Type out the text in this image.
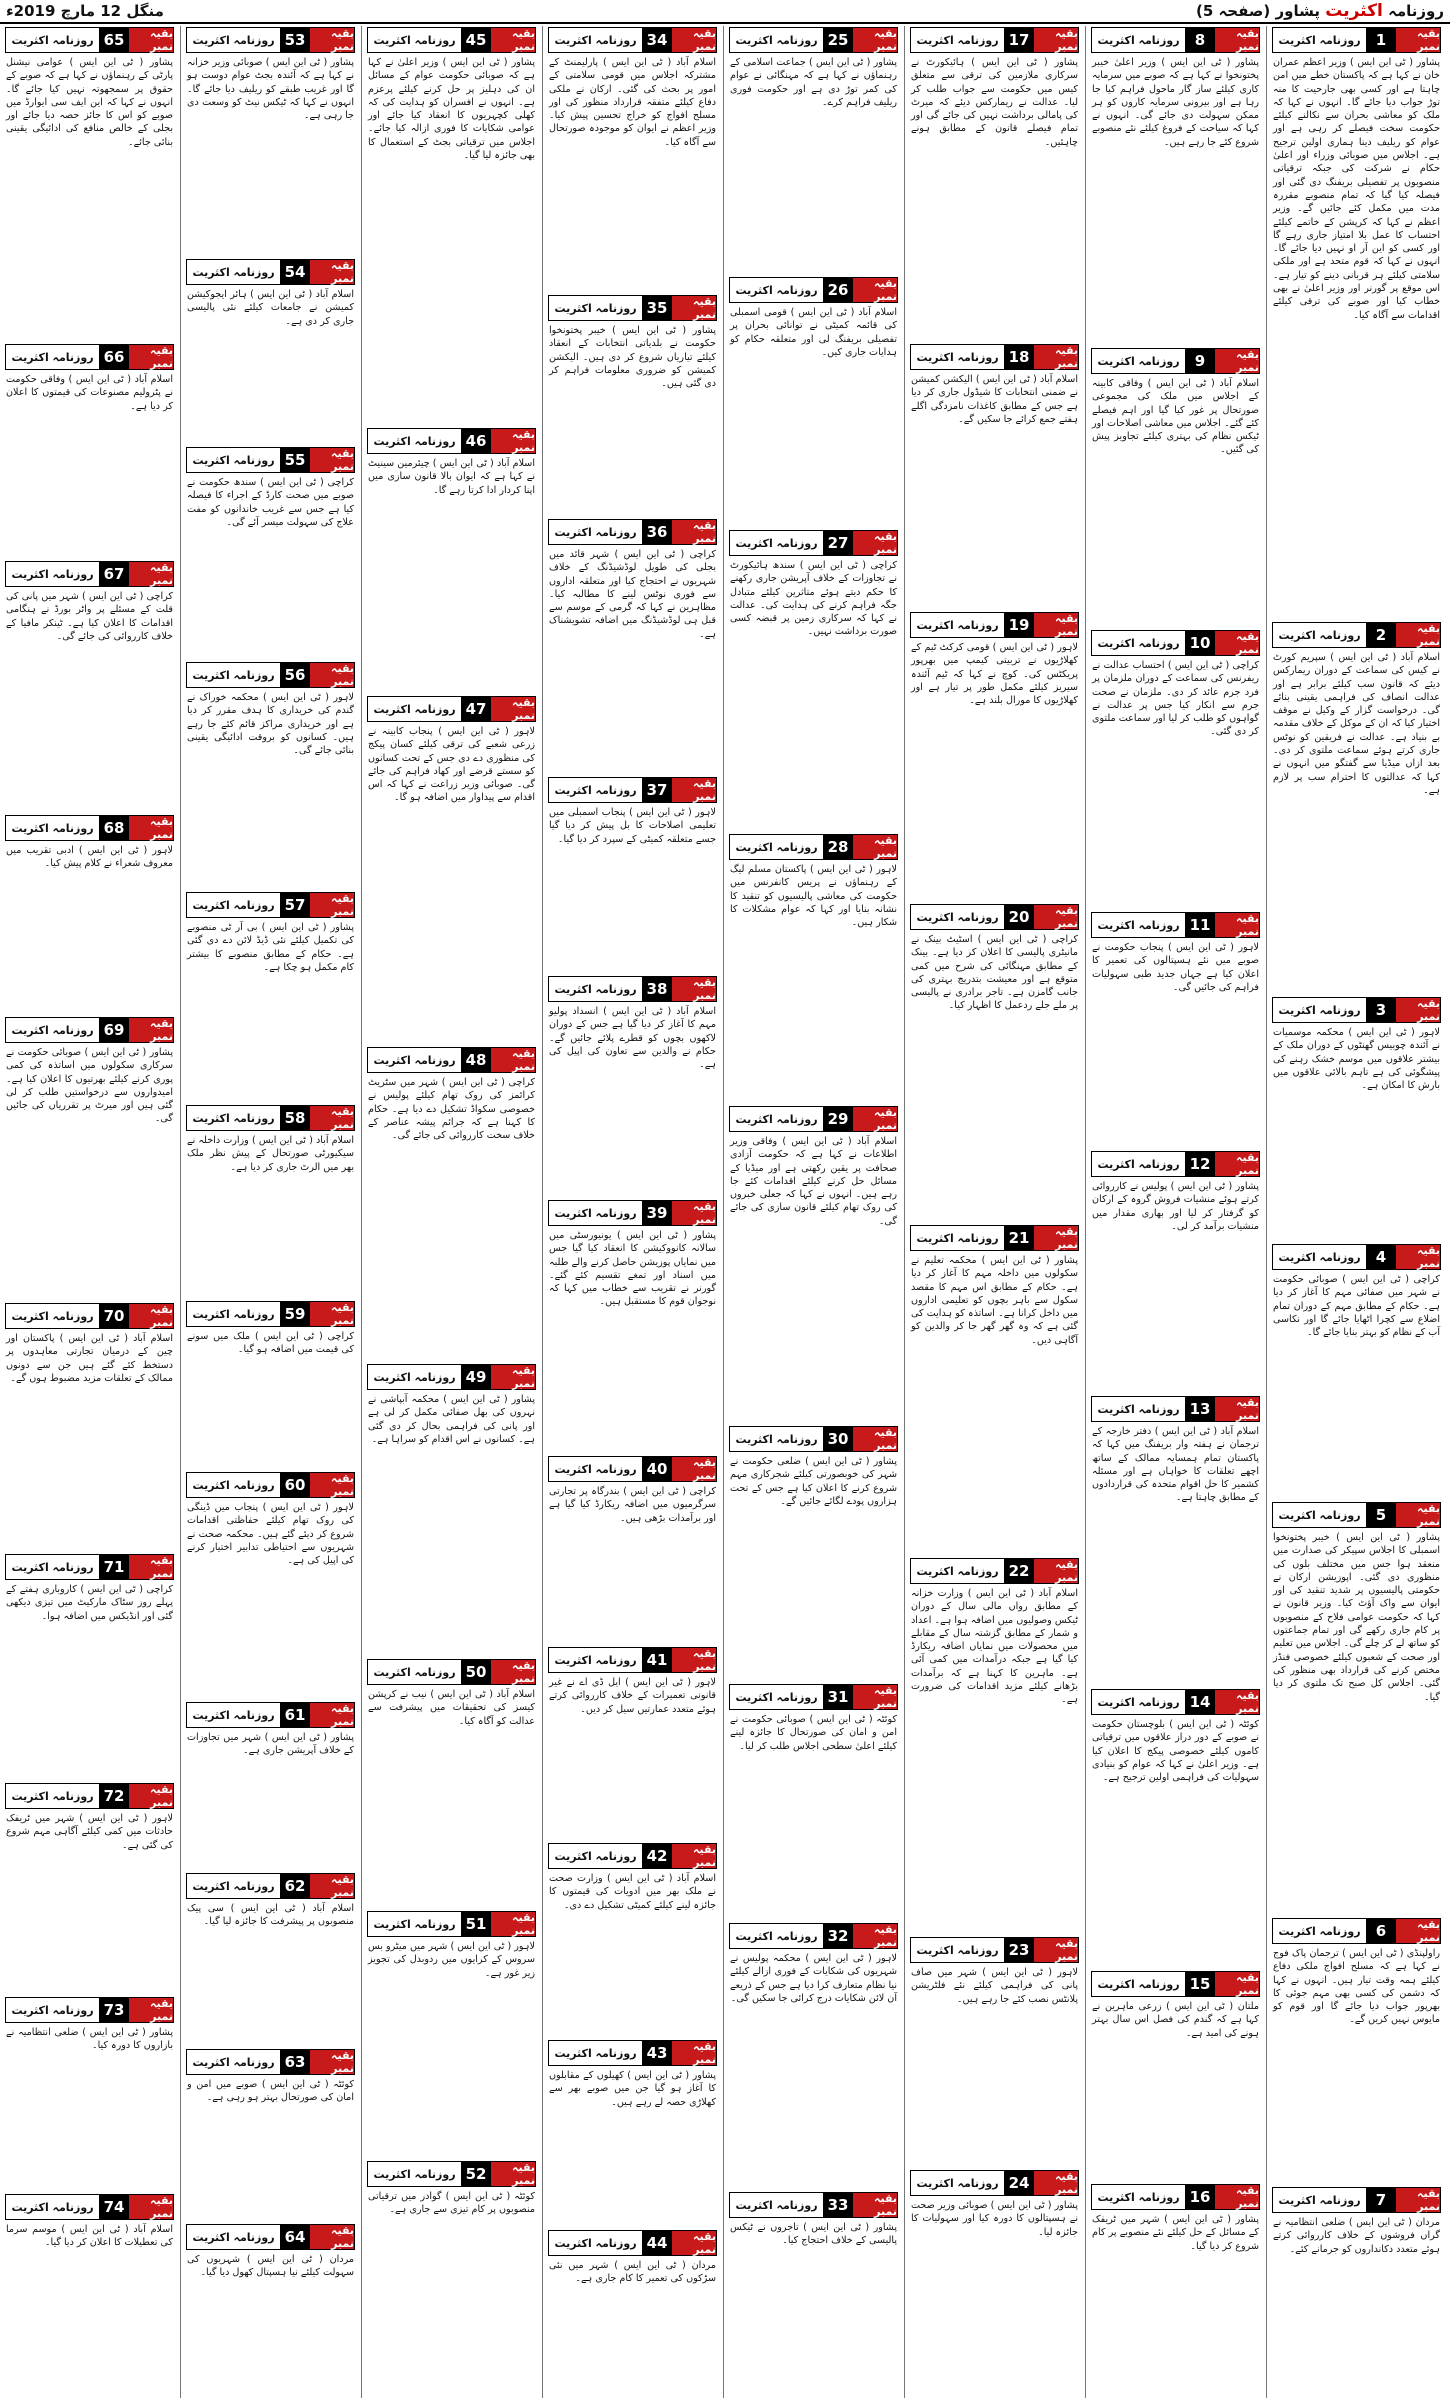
منگل 12 مارچ 2019ء	روزنامہ اکثریت پشاور (صفحہ 5)
بقیہ نمبر
1
روزنامہ اکثریت
پشاور ( ٹی این ایس ) وزیر اعظم عمران خان نے کہا ہے کہ پاکستان خطے میں امن چاہتا ہے اور کسی بھی جارحیت کا منہ توڑ جواب دیا جائے گا۔ انہوں نے کہا کہ ملک کو معاشی بحران سے نکالنے کیلئے حکومت سخت فیصلے کر رہی ہے اور عوام کو ریلیف دینا ہماری اولین ترجیح ہے۔ اجلاس میں صوبائی وزراء اور اعلیٰ حکام نے شرکت کی جبکہ ترقیاتی منصوبوں پر تفصیلی بریفنگ دی گئی اور فیصلہ کیا گیا کہ تمام منصوبے مقررہ مدت میں مکمل کئے جائیں گے۔ وزیر اعظم نے کہا کہ کرپشن کے خاتمے کیلئے احتساب کا عمل بلا امتیاز جاری رہے گا اور کسی کو این آر او نہیں دیا جائے گا۔ انہوں نے کہا کہ قوم متحد ہے اور ملکی سلامتی کیلئے ہر قربانی دینے کو تیار ہے۔ اس موقع پر گورنر اور وزیر اعلیٰ نے بھی خطاب کیا اور صوبے کی ترقی کیلئے اقدامات سے آگاہ کیا۔
بقیہ نمبر
2
روزنامہ اکثریت
اسلام آباد ( ٹی این ایس ) سپریم کورٹ نے کیس کی سماعت کے دوران ریمارکس دیئے کہ قانون سب کیلئے برابر ہے اور عدالت انصاف کی فراہمی یقینی بنائے گی۔ درخواست گزار کے وکیل نے موقف اختیار کیا کہ ان کے موکل کے خلاف مقدمہ بے بنیاد ہے۔ عدالت نے فریقین کو نوٹس جاری کرتے ہوئے سماعت ملتوی کر دی۔ بعد ازاں میڈیا سے گفتگو میں انہوں نے کہا کہ عدالتوں کا احترام سب پر لازم ہے۔
بقیہ نمبر
3
روزنامہ اکثریت
لاہور ( ٹی این ایس ) محکمہ موسمیات نے آئندہ چوبیس گھنٹوں کے دوران ملک کے بیشتر علاقوں میں موسم خشک رہنے کی پیشگوئی کی ہے تاہم بالائی علاقوں میں بارش کا امکان ہے۔
بقیہ نمبر
4
روزنامہ اکثریت
کراچی ( ٹی این ایس ) صوبائی حکومت نے شہر میں صفائی مہم کا آغاز کر دیا ہے۔ حکام کے مطابق مہم کے دوران تمام اضلاع سے کچرا اٹھایا جائے گا اور نکاسی آب کے نظام کو بہتر بنایا جائے گا۔
بقیہ نمبر
5
روزنامہ اکثریت
پشاور ( ٹی این ایس ) خیبر پختونخوا اسمبلی کا اجلاس سپیکر کی صدارت میں منعقد ہوا جس میں مختلف بلوں کی منظوری دی گئی۔ اپوزیشن ارکان نے حکومتی پالیسیوں پر شدید تنقید کی اور ایوان سے واک آؤٹ کیا۔ وزیر قانون نے کہا کہ حکومت عوامی فلاح کے منصوبوں پر کام جاری رکھے گی اور تمام جماعتوں کو ساتھ لے کر چلے گی۔ اجلاس میں تعلیم اور صحت کے شعبوں کیلئے خصوصی فنڈز مختص کرنے کی قرارداد بھی منظور کی گئی۔ اجلاس کل صبح تک ملتوی کر دیا گیا۔
بقیہ نمبر
6
روزنامہ اکثریت
راولپنڈی ( ٹی این ایس ) ترجمان پاک فوج نے کہا ہے کہ مسلح افواج ملکی دفاع کیلئے ہمہ وقت تیار ہیں۔ انہوں نے کہا کہ دشمن کی کسی بھی مہم جوئی کا بھرپور جواب دیا جائے گا اور قوم کو مایوس نہیں کریں گے۔
بقیہ نمبر
7
روزنامہ اکثریت
مردان ( ٹی این ایس ) ضلعی انتظامیہ نے گراں فروشوں کے خلاف کارروائی کرتے ہوئے متعدد دکانداروں کو جرمانے کئے۔
بقیہ نمبر
8
روزنامہ اکثریت
پشاور ( ٹی این ایس ) وزیر اعلیٰ خیبر پختونخوا نے کہا ہے کہ صوبے میں سرمایہ کاری کیلئے ساز گار ماحول فراہم کیا جا رہا ہے اور بیرونی سرمایہ کاروں کو ہر ممکن سہولت دی جائے گی۔ انہوں نے کہا کہ سیاحت کے فروغ کیلئے نئے منصوبے شروع کئے جا رہے ہیں۔
بقیہ نمبر
9
روزنامہ اکثریت
اسلام آباد ( ٹی این ایس ) وفاقی کابینہ کے اجلاس میں ملک کی مجموعی صورتحال پر غور کیا گیا اور اہم فیصلے کئے گئے۔ اجلاس میں معاشی اصلاحات اور ٹیکس نظام کی بہتری کیلئے تجاویز پیش کی گئیں۔
بقیہ نمبر
10
روزنامہ اکثریت
کراچی ( ٹی این ایس ) احتساب عدالت نے ریفرنس کی سماعت کے دوران ملزمان پر فرد جرم عائد کر دی۔ ملزمان نے صحت جرم سے انکار کیا جس پر عدالت نے گواہوں کو طلب کر لیا اور سماعت ملتوی کر دی گئی۔
بقیہ نمبر
11
روزنامہ اکثریت
لاہور ( ٹی این ایس ) پنجاب حکومت نے صوبے میں نئے ہسپتالوں کی تعمیر کا اعلان کیا ہے جہاں جدید طبی سہولیات فراہم کی جائیں گی۔
بقیہ نمبر
12
روزنامہ اکثریت
پشاور ( ٹی این ایس ) پولیس نے کارروائی کرتے ہوئے منشیات فروش گروہ کے ارکان کو گرفتار کر لیا اور بھاری مقدار میں منشیات برآمد کر لی۔
بقیہ نمبر
13
روزنامہ اکثریت
اسلام آباد ( ٹی این ایس ) دفتر خارجہ کے ترجمان نے ہفتہ وار بریفنگ میں کہا کہ پاکستان تمام ہمسایہ ممالک کے ساتھ اچھے تعلقات کا خواہاں ہے اور مسئلہ کشمیر کا حل اقوام متحدہ کی قراردادوں کے مطابق چاہتا ہے۔
بقیہ نمبر
14
روزنامہ اکثریت
کوئٹہ ( ٹی این ایس ) بلوچستان حکومت نے صوبے کے دور دراز علاقوں میں ترقیاتی کاموں کیلئے خصوصی پیکج کا اعلان کیا ہے۔ وزیر اعلیٰ نے کہا کہ عوام کو بنیادی سہولیات کی فراہمی اولین ترجیح ہے۔
بقیہ نمبر
15
روزنامہ اکثریت
ملتان ( ٹی این ایس ) زرعی ماہرین نے کہا ہے کہ گندم کی فصل اس سال بہتر ہونے کی امید ہے۔
بقیہ نمبر
16
روزنامہ اکثریت
پشاور ( ٹی این ایس ) شہر میں ٹریفک کے مسائل کے حل کیلئے نئے منصوبے پر کام شروع کر دیا گیا۔
بقیہ نمبر
17
روزنامہ اکثریت
پشاور ( ٹی این ایس ) ہائیکورٹ نے سرکاری ملازمین کی ترقی سے متعلق کیس میں حکومت سے جواب طلب کر لیا۔ عدالت نے ریمارکس دیئے کہ میرٹ کی پامالی برداشت نہیں کی جائے گی اور تمام فیصلے قانون کے مطابق ہونے چاہئیں۔
بقیہ نمبر
18
روزنامہ اکثریت
اسلام آباد ( ٹی این ایس ) الیکشن کمیشن نے ضمنی انتخابات کا شیڈول جاری کر دیا ہے جس کے مطابق کاغذات نامزدگی اگلے ہفتے جمع کرائے جا سکیں گے۔
بقیہ نمبر
19
روزنامہ اکثریت
لاہور ( ٹی این ایس ) قومی کرکٹ ٹیم کے کھلاڑیوں نے تربیتی کیمپ میں بھرپور پریکٹس کی۔ کوچ نے کہا کہ ٹیم آئندہ سیریز کیلئے مکمل طور پر تیار ہے اور کھلاڑیوں کا مورال بلند ہے۔
بقیہ نمبر
20
روزنامہ اکثریت
کراچی ( ٹی این ایس ) اسٹیٹ بینک نے مانیٹری پالیسی کا اعلان کر دیا ہے۔ بینک کے مطابق مہنگائی کی شرح میں کمی متوقع ہے اور معیشت بتدریج بہتری کی جانب گامزن ہے۔ تاجر برادری نے پالیسی پر ملے جلے ردعمل کا اظہار کیا۔
بقیہ نمبر
21
روزنامہ اکثریت
پشاور ( ٹی این ایس ) محکمہ تعلیم نے سکولوں میں داخلہ مہم کا آغاز کر دیا ہے۔ حکام کے مطابق اس مہم کا مقصد سکول سے باہر بچوں کو تعلیمی اداروں میں داخل کرانا ہے۔ اساتذہ کو ہدایت کی گئی ہے کہ وہ گھر گھر جا کر والدین کو آگاہی دیں۔
بقیہ نمبر
22
روزنامہ اکثریت
اسلام آباد ( ٹی این ایس ) وزارت خزانہ کے مطابق رواں مالی سال کے دوران ٹیکس وصولیوں میں اضافہ ہوا ہے۔ اعداد و شمار کے مطابق گزشتہ سال کے مقابلے میں محصولات میں نمایاں اضافہ ریکارڈ کیا گیا ہے جبکہ درآمدات میں کمی آئی ہے۔ ماہرین کا کہنا ہے کہ برآمدات بڑھانے کیلئے مزید اقدامات کی ضرورت ہے۔
بقیہ نمبر
23
روزنامہ اکثریت
لاہور ( ٹی این ایس ) شہر میں صاف پانی کی فراہمی کیلئے نئے فلٹریشن پلانٹس نصب کئے جا رہے ہیں۔
بقیہ نمبر
24
روزنامہ اکثریت
پشاور ( ٹی این ایس ) صوبائی وزیر صحت نے ہسپتالوں کا دورہ کیا اور سہولیات کا جائزہ لیا۔
بقیہ نمبر
25
روزنامہ اکثریت
پشاور ( ٹی این ایس ) جماعت اسلامی کے رہنماؤں نے کہا ہے کہ مہنگائی نے عوام کی کمر توڑ دی ہے اور حکومت فوری ریلیف فراہم کرے۔
بقیہ نمبر
26
روزنامہ اکثریت
اسلام آباد ( ٹی این ایس ) قومی اسمبلی کی قائمہ کمیٹی نے توانائی بحران پر تفصیلی بریفنگ لی اور متعلقہ حکام کو ہدایات جاری کیں۔
بقیہ نمبر
27
روزنامہ اکثریت
کراچی ( ٹی این ایس ) سندھ ہائیکورٹ نے تجاوزات کے خلاف آپریشن جاری رکھنے کا حکم دیتے ہوئے متاثرین کیلئے متبادل جگہ فراہم کرنے کی ہدایت کی۔ عدالت نے کہا کہ سرکاری زمین پر قبضہ کسی صورت برداشت نہیں۔
بقیہ نمبر
28
روزنامہ اکثریت
لاہور ( ٹی این ایس ) پاکستان مسلم لیگ کے رہنماؤں نے پریس کانفرنس میں حکومت کی معاشی پالیسیوں کو تنقید کا نشانہ بنایا اور کہا کہ عوام مشکلات کا شکار ہیں۔
بقیہ نمبر
29
روزنامہ اکثریت
اسلام آباد ( ٹی این ایس ) وفاقی وزیر اطلاعات نے کہا ہے کہ حکومت آزادی صحافت پر یقین رکھتی ہے اور میڈیا کے مسائل حل کرنے کیلئے اقدامات کئے جا رہے ہیں۔ انہوں نے کہا کہ جعلی خبروں کی روک تھام کیلئے قانون سازی کی جائے گی۔
بقیہ نمبر
30
روزنامہ اکثریت
پشاور ( ٹی این ایس ) ضلعی حکومت نے شہر کی خوبصورتی کیلئے شجرکاری مہم شروع کرنے کا اعلان کیا ہے جس کے تحت ہزاروں پودے لگائے جائیں گے۔
بقیہ نمبر
31
روزنامہ اکثریت
کوئٹہ ( ٹی این ایس ) صوبائی حکومت نے امن و امان کی صورتحال کا جائزہ لینے کیلئے اعلیٰ سطحی اجلاس طلب کر لیا۔
بقیہ نمبر
32
روزنامہ اکثریت
لاہور ( ٹی این ایس ) محکمہ پولیس نے شہریوں کی شکایات کے فوری ازالے کیلئے نیا نظام متعارف کرا دیا ہے جس کے ذریعے آن لائن شکایات درج کرائی جا سکیں گی۔
بقیہ نمبر
33
روزنامہ اکثریت
پشاور ( ٹی این ایس ) تاجروں نے ٹیکس پالیسی کے خلاف احتجاج کیا۔
بقیہ نمبر
34
روزنامہ اکثریت
اسلام آباد ( ٹی این ایس ) پارلیمنٹ کے مشترکہ اجلاس میں قومی سلامتی کے امور پر بحث کی گئی۔ ارکان نے ملکی دفاع کیلئے متفقہ قرارداد منظور کی اور مسلح افواج کو خراج تحسین پیش کیا۔ وزیر اعظم نے ایوان کو موجودہ صورتحال سے آگاہ کیا۔
بقیہ نمبر
35
روزنامہ اکثریت
پشاور ( ٹی این ایس ) خیبر پختونخوا حکومت نے بلدیاتی انتخابات کے انعقاد کیلئے تیاریاں شروع کر دی ہیں۔ الیکشن کمیشن کو ضروری معلومات فراہم کر دی گئی ہیں۔
بقیہ نمبر
36
روزنامہ اکثریت
کراچی ( ٹی این ایس ) شہر قائد میں بجلی کی طویل لوڈشیڈنگ کے خلاف شہریوں نے احتجاج کیا اور متعلقہ اداروں سے فوری نوٹس لینے کا مطالبہ کیا۔ مظاہرین نے کہا کہ گرمی کے موسم سے قبل ہی لوڈشیڈنگ میں اضافہ تشویشناک ہے۔
بقیہ نمبر
37
روزنامہ اکثریت
لاہور ( ٹی این ایس ) پنجاب اسمبلی میں تعلیمی اصلاحات کا بل پیش کر دیا گیا جسے متعلقہ کمیٹی کے سپرد کر دیا گیا۔
بقیہ نمبر
38
روزنامہ اکثریت
اسلام آباد ( ٹی این ایس ) انسداد پولیو مہم کا آغاز کر دیا گیا ہے جس کے دوران لاکھوں بچوں کو قطرے پلائے جائیں گے۔ حکام نے والدین سے تعاون کی اپیل کی ہے۔
بقیہ نمبر
39
روزنامہ اکثریت
پشاور ( ٹی این ایس ) یونیورسٹی میں سالانہ کانووکیشن کا انعقاد کیا گیا جس میں نمایاں پوزیشن حاصل کرنے والے طلبہ میں اسناد اور تمغے تقسیم کئے گئے۔ گورنر نے تقریب سے خطاب میں کہا کہ نوجوان قوم کا مستقبل ہیں۔
بقیہ نمبر
40
روزنامہ اکثریت
کراچی ( ٹی این ایس ) بندرگاہ پر تجارتی سرگرمیوں میں اضافہ ریکارڈ کیا گیا ہے اور برآمدات بڑھی ہیں۔
بقیہ نمبر
41
روزنامہ اکثریت
لاہور ( ٹی این ایس ) ایل ڈی اے نے غیر قانونی تعمیرات کے خلاف کارروائی کرتے ہوئے متعدد عمارتیں سیل کر دیں۔
بقیہ نمبر
42
روزنامہ اکثریت
اسلام آباد ( ٹی این ایس ) وزارت صحت نے ملک بھر میں ادویات کی قیمتوں کا جائزہ لینے کیلئے کمیٹی تشکیل دے دی۔
بقیہ نمبر
43
روزنامہ اکثریت
پشاور ( ٹی این ایس ) کھیلوں کے مقابلوں کا آغاز ہو گیا جن میں صوبے بھر سے کھلاڑی حصہ لے رہے ہیں۔
بقیہ نمبر
44
روزنامہ اکثریت
مردان ( ٹی این ایس ) شہر میں نئی سڑکوں کی تعمیر کا کام جاری ہے۔
بقیہ نمبر
45
روزنامہ اکثریت
پشاور ( ٹی این ایس ) وزیر اعلیٰ نے کہا ہے کہ صوبائی حکومت عوام کے مسائل ان کی دہلیز پر حل کرنے کیلئے پرعزم ہے۔ انہوں نے افسران کو ہدایت کی کہ کھلی کچہریوں کا انعقاد کیا جائے اور عوامی شکایات کا فوری ازالہ کیا جائے۔ اجلاس میں ترقیاتی بجٹ کے استعمال کا بھی جائزہ لیا گیا۔
بقیہ نمبر
46
روزنامہ اکثریت
اسلام آباد ( ٹی این ایس ) چیئرمین سینیٹ نے کہا ہے کہ ایوان بالا قانون سازی میں اپنا کردار ادا کرتا رہے گا۔
بقیہ نمبر
47
روزنامہ اکثریت
لاہور ( ٹی این ایس ) پنجاب کابینہ نے زرعی شعبے کی ترقی کیلئے کسان پیکج کی منظوری دے دی جس کے تحت کسانوں کو سستے قرضے اور کھاد فراہم کی جائے گی۔ صوبائی وزیر زراعت نے کہا کہ اس اقدام سے پیداوار میں اضافہ ہو گا۔
بقیہ نمبر
48
روزنامہ اکثریت
کراچی ( ٹی این ایس ) شہر میں سٹریٹ کرائمز کی روک تھام کیلئے پولیس نے خصوصی سکواڈ تشکیل دے دیا ہے۔ حکام کا کہنا ہے کہ جرائم پیشہ عناصر کے خلاف سخت کارروائی کی جائے گی۔
بقیہ نمبر
49
روزنامہ اکثریت
پشاور ( ٹی این ایس ) محکمہ آبپاشی نے نہروں کی بھل صفائی مکمل کر لی ہے اور پانی کی فراہمی بحال کر دی گئی ہے۔ کسانوں نے اس اقدام کو سراہا ہے۔
بقیہ نمبر
50
روزنامہ اکثریت
اسلام آباد ( ٹی این ایس ) نیب نے کرپشن کیسز کی تحقیقات میں پیشرفت سے عدالت کو آگاہ کیا۔
بقیہ نمبر
51
روزنامہ اکثریت
لاہور ( ٹی این ایس ) شہر میں میٹرو بس سروس کے کرایوں میں ردوبدل کی تجویز زیر غور ہے۔
بقیہ نمبر
52
روزنامہ اکثریت
کوئٹہ ( ٹی این ایس ) گوادر میں ترقیاتی منصوبوں پر کام تیزی سے جاری ہے۔
بقیہ نمبر
53
روزنامہ اکثریت
پشاور ( ٹی این ایس ) صوبائی وزیر خزانہ نے کہا ہے کہ آئندہ بجٹ عوام دوست ہو گا اور غریب طبقے کو ریلیف دیا جائے گا۔ انہوں نے کہا کہ ٹیکس نیٹ کو وسعت دی جا رہی ہے۔
بقیہ نمبر
54
روزنامہ اکثریت
اسلام آباد ( ٹی این ایس ) ہائر ایجوکیشن کمیشن نے جامعات کیلئے نئی پالیسی جاری کر دی ہے۔
بقیہ نمبر
55
روزنامہ اکثریت
کراچی ( ٹی این ایس ) سندھ حکومت نے صوبے میں صحت کارڈ کے اجراء کا فیصلہ کیا ہے جس سے غریب خاندانوں کو مفت علاج کی سہولت میسر آئے گی۔
بقیہ نمبر
56
روزنامہ اکثریت
لاہور ( ٹی این ایس ) محکمہ خوراک نے گندم کی خریداری کا ہدف مقرر کر دیا ہے اور خریداری مراکز قائم کئے جا رہے ہیں۔ کسانوں کو بروقت ادائیگی یقینی بنائی جائے گی۔
بقیہ نمبر
57
روزنامہ اکثریت
پشاور ( ٹی این ایس ) بی آر ٹی منصوبے کی تکمیل کیلئے نئی ڈیڈ لائن دے دی گئی ہے۔ حکام کے مطابق منصوبے کا بیشتر کام مکمل ہو چکا ہے۔
بقیہ نمبر
58
روزنامہ اکثریت
اسلام آباد ( ٹی این ایس ) وزارت داخلہ نے سیکیورٹی صورتحال کے پیش نظر ملک بھر میں الرٹ جاری کر دیا ہے۔
بقیہ نمبر
59
روزنامہ اکثریت
کراچی ( ٹی این ایس ) ملک میں سونے کی قیمت میں اضافہ ہو گیا۔
بقیہ نمبر
60
روزنامہ اکثریت
لاہور ( ٹی این ایس ) پنجاب میں ڈینگی کی روک تھام کیلئے حفاظتی اقدامات شروع کر دیئے گئے ہیں۔ محکمہ صحت نے شہریوں سے احتیاطی تدابیر اختیار کرنے کی اپیل کی ہے۔
بقیہ نمبر
61
روزنامہ اکثریت
پشاور ( ٹی این ایس ) شہر میں تجاوزات کے خلاف آپریشن جاری ہے۔
بقیہ نمبر
62
روزنامہ اکثریت
اسلام آباد ( ٹی این ایس ) سی پیک منصوبوں پر پیشرفت کا جائزہ لیا گیا۔
بقیہ نمبر
63
روزنامہ اکثریت
کوئٹہ ( ٹی این ایس ) صوبے میں امن و امان کی صورتحال بہتر ہو رہی ہے۔
بقیہ نمبر
64
روزنامہ اکثریت
مردان ( ٹی این ایس ) شہریوں کی سہولت کیلئے نیا ہسپتال کھول دیا گیا۔
بقیہ نمبر
65
روزنامہ اکثریت
پشاور ( ٹی این ایس ) عوامی نیشنل پارٹی کے رہنماؤں نے کہا ہے کہ صوبے کے حقوق پر سمجھوتہ نہیں کیا جائے گا۔ انہوں نے کہا کہ این ایف سی ایوارڈ میں صوبے کو اس کا جائز حصہ دیا جائے اور بجلی کے خالص منافع کی ادائیگی یقینی بنائی جائے۔
بقیہ نمبر
66
روزنامہ اکثریت
اسلام آباد ( ٹی این ایس ) وفاقی حکومت نے پٹرولیم مصنوعات کی قیمتوں کا اعلان کر دیا ہے۔
بقیہ نمبر
67
روزنامہ اکثریت
کراچی ( ٹی این ایس ) شہر میں پانی کی قلت کے مسئلے پر واٹر بورڈ نے ہنگامی اقدامات کا اعلان کیا ہے۔ ٹینکر مافیا کے خلاف کارروائی کی جائے گی۔
بقیہ نمبر
68
روزنامہ اکثریت
لاہور ( ٹی این ایس ) ادبی تقریب میں معروف شعراء نے کلام پیش کیا۔
بقیہ نمبر
69
روزنامہ اکثریت
پشاور ( ٹی این ایس ) صوبائی حکومت نے سرکاری سکولوں میں اساتذہ کی کمی پوری کرنے کیلئے بھرتیوں کا اعلان کیا ہے۔ امیدواروں سے درخواستیں طلب کر لی گئی ہیں اور میرٹ پر تقرریاں کی جائیں گی۔
بقیہ نمبر
70
روزنامہ اکثریت
اسلام آباد ( ٹی این ایس ) پاکستان اور چین کے درمیان تجارتی معاہدوں پر دستخط کئے گئے ہیں جن سے دونوں ممالک کے تعلقات مزید مضبوط ہوں گے۔
بقیہ نمبر
71
روزنامہ اکثریت
کراچی ( ٹی این ایس ) کاروباری ہفتے کے پہلے روز سٹاک مارکیٹ میں تیزی دیکھی گئی اور انڈیکس میں اضافہ ہوا۔
بقیہ نمبر
72
روزنامہ اکثریت
لاہور ( ٹی این ایس ) شہر میں ٹریفک حادثات میں کمی کیلئے آگاہی مہم شروع کی گئی ہے۔
بقیہ نمبر
73
روزنامہ اکثریت
پشاور ( ٹی این ایس ) ضلعی انتظامیہ نے بازاروں کا دورہ کیا۔
بقیہ نمبر
74
روزنامہ اکثریت
اسلام آباد ( ٹی این ایس ) موسم سرما کی تعطیلات کا اعلان کر دیا گیا۔
